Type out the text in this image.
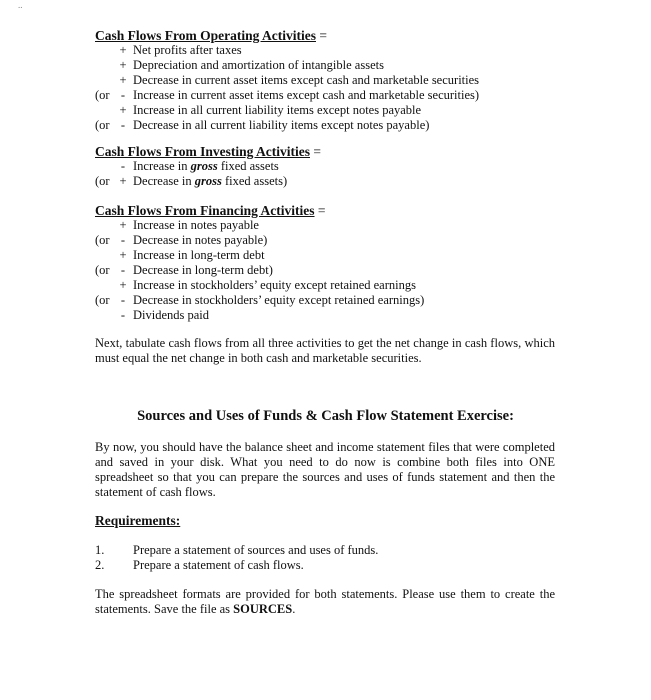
..
Cash Flows From Operating Activities =
+ Net profits after taxes
+ Depreciation and amortization of intangible assets
+ Decrease in current asset items except cash and marketable securities
(or - Increase in current asset items except cash and marketable securities)
+ Increase in all current liability items except notes payable
(or - Decrease in all current liability items except notes payable)
Cash Flows From Investing Activities =
- Increase in gross fixed assets
(or + Decrease in gross fixed assets)
Cash Flows From Financing Activities =
+ Increase in notes payable
(or - Decrease in notes payable)
+ Increase in long-term debt
(or - Decrease in long-term debt)
+ Increase in stockholders’ equity except retained earnings
(or - Decrease in stockholders’ equity except retained earnings)
- Dividends paid
Next, tabulate cash flows from all three activities to get the net change in cash flows, which must equal the net change in both cash and marketable securities.
Sources and Uses of Funds & Cash Flow Statement Exercise:
By now, you should have the balance sheet and income statement files that were completed and saved in your disk. What you need to do now is combine both files into ONE spreadsheet so that you can prepare the sources and uses of funds statement and then the statement of cash flows.
Requirements:
1. Prepare a statement of sources and uses of funds.
2. Prepare a statement of cash flows.
The spreadsheet formats are provided for both statements. Please use them to create the statements. Save the file as SOURCES.
